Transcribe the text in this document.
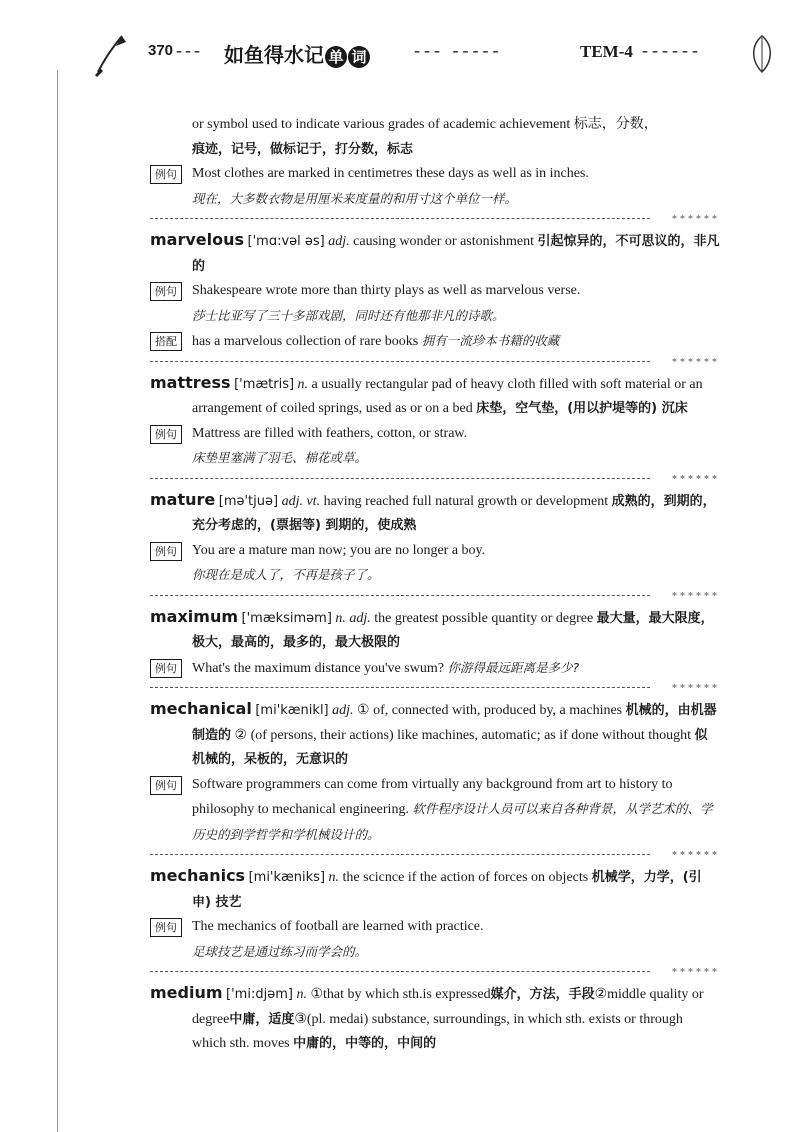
370 --- 如鱼得水记 单 词	--- -----	TEM-4 ------
or symbol used to indicate various grades of academic achievement 标志，分数，
痕迹，记号，做标记于，打分数，标志
例句	Most clothes are marked in centimetres these days as well as in inches.
现在，大多数衣物是用厘米来度量的和用寸这个单位一样。
******
marvelous ['mɑ:vəl əs] adj. causing wonder or astonishment 引起惊异的，不可思议的，非凡的
例句	Shakespeare wrote more than thirty plays as well as marvelous verse.
莎士比亚写了三十多部戏剧，同时还有他那非凡的诗歌。
搭配	has a marvelous collection of rare books 拥有一流珍本书籍的收藏
******
mattress ['mætris] n. a usually rectangular pad of heavy cloth filled with soft material or an arrangement of coiled springs, used as or on a bed 床垫，空气垫，(用以护堤等的) 沉床
例句	Mattress are filled with feathers, cotton, or straw.
床垫里塞满了羽毛、棉花或草。
******
mature [mə'tjuə] adj. vt. having reached full natural growth or development 成熟的，到期的，充分考虑的，(票据等) 到期的，使成熟
例句	You are a mature man now; you are no longer a boy.
你现在是成人了，不再是孩子了。
******
maximum ['mæksiməm] n. adj. the greatest possible quantity or degree 最大量，最大限度，极大，最高的，最多的，最大极限的
例句	What's the maximum distance you've swum? 你游得最远距离是多少?
******
mechanical [mi'kænikl] adj. ① of, connected with, produced by, a machines 机械的，由机器制造的 ② (of persons, their actions) like machines, automatic; as if done without thought 似机械的，呆板的，无意识的
例句	Software programmers can come from virtually any background from art to history to philosophy to mechanical engineering. 软件程序设计人员可以来自各种背景，从学艺术的、学历史的到学哲学和学机械设计的。
******
mechanics [mi'kæniks] n. the scicnce if the action of forces on objects 机械学，力学，(引申) 技艺
例句	The mechanics of football are learned with practice.
足球技艺是通过练习而学会的。
******
medium ['mi:djəm] n. ①that by which sth.is expressed媒介，方法，手段②middle quality or degree中庸，适度③(pl. medai) substance, surroundings, in which sth. exists or through which sth. moves 中庸的，中等的，中间的
